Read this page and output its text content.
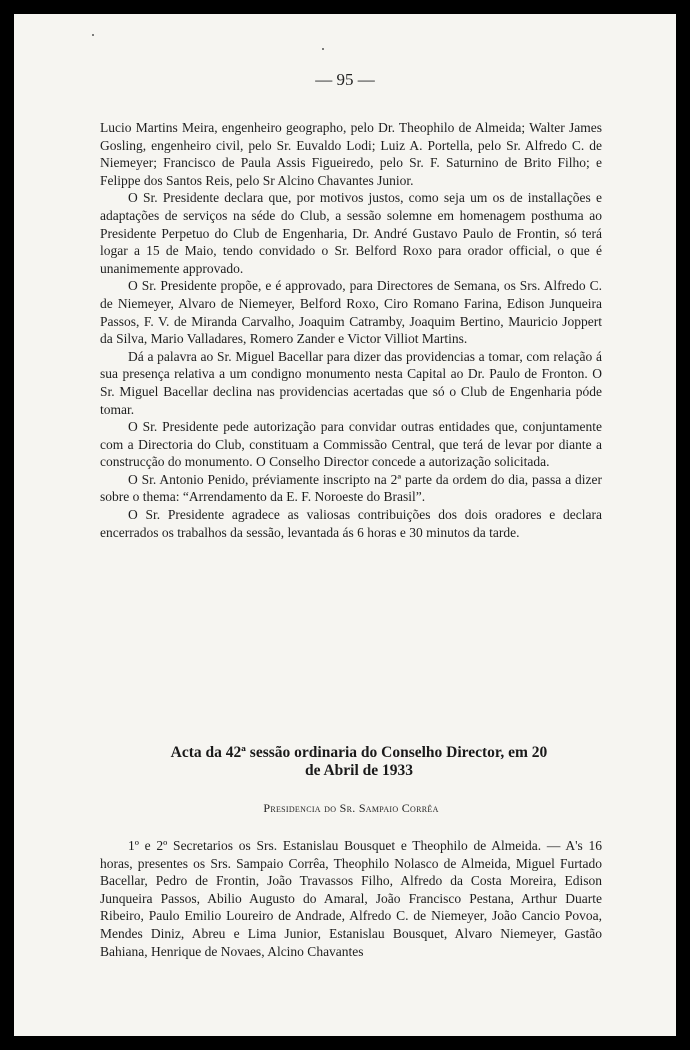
— 95 —

Lucio Martins Meira, engenheiro geographo, pelo Dr. Theophilo de Almeida; Walter James Gosling, engenheiro civil, pelo Sr. Euvaldo Lodi; Luiz A. Portella, pelo Sr. Alfredo C. de Niemeyer; Francisco de Paula Assis Figueiredo, pelo Sr. F. Saturnino de Brito Filho; e Felippe dos Santos Reis, pelo Sr Alcino Chavantes Junior.

O Sr. Presidente declara que, por motivos justos, como seja um os de installações e adaptações de serviços na séde do Club, a sessão solemne em homenagem posthuma ao Presidente Perpetuo do Club de Engenharia, Dr. André Gustavo Paulo de Frontin, só terá logar a 15 de Maio, tendo convidado o Sr. Belford Roxo para orador official, o que é unanimemente approvado.

O Sr. Presidente propõe, e é approvado, para Directores de Semana, os Srs. Alfredo C. de Niemeyer, Alvaro de Niemeyer, Belford Roxo, Ciro Romano Farina, Edison Junqueira Passos, F. V. de Miranda Carvalho, Joaquim Catramby, Joaquim Bertino, Mauricio Joppert da Silva, Mario Valladares, Romero Zander e Victor Villiot Martins.

Dá a palavra ao Sr. Miguel Bacellar para dizer das providencias a tomar, com relação á sua presença relativa a um condigno monumento nesta Capital ao Dr. Paulo de Fronton. O Sr. Miguel Bacellar declina nas providencias acertadas que só o Club de Engenharia póde tomar.

O Sr. Presidente pede autorização para convidar outras entidades que, conjuntamente com a Directoria do Club, constituam a Commissão Central, que terá de levar por diante a construcção do monumento. O Conselho Director concede a autorização solicitada.

O Sr. Antonio Penido, préviamente inscripto na 2ª parte da ordem do dia, passa a dizer sobre o thema: “Arrendamento da E. F. Noroeste do Brasil”.

O Sr. Presidente agradece as valiosas contribuições dos dois oradores e declara encerrados os trabalhos da sessão, levantada ás 6 horas e 30 minutos da tarde.

Acta da 42ª sessão ordinaria do Conselho Director, em 20
de Abril de 1933
Presidencia do Sr. Sampaio Corrêa

1º e 2º Secretarios os Srs. Estanislau Bousquet e Theophilo de Almeida. — A's 16 horas, presentes os Srs. Sampaio Corrêa, Theophilo Nolasco de Almeida, Miguel Furtado Bacellar, Pedro de Frontin, João Travassos Filho, Alfredo da Costa Moreira, Edison Junqueira Passos, Abilio Augusto do Amaral, João Francisco Pestana, Arthur Duarte Ribeiro, Paulo Emilio Loureiro de Andrade, Alfredo C. de Niemeyer, João Cancio Povoa, Mendes Diniz, Abreu e Lima Junior, Estanislau Bousquet, Alvaro Niemeyer, Gastão Bahiana, Henrique de Novaes, Alcino Chavantes
